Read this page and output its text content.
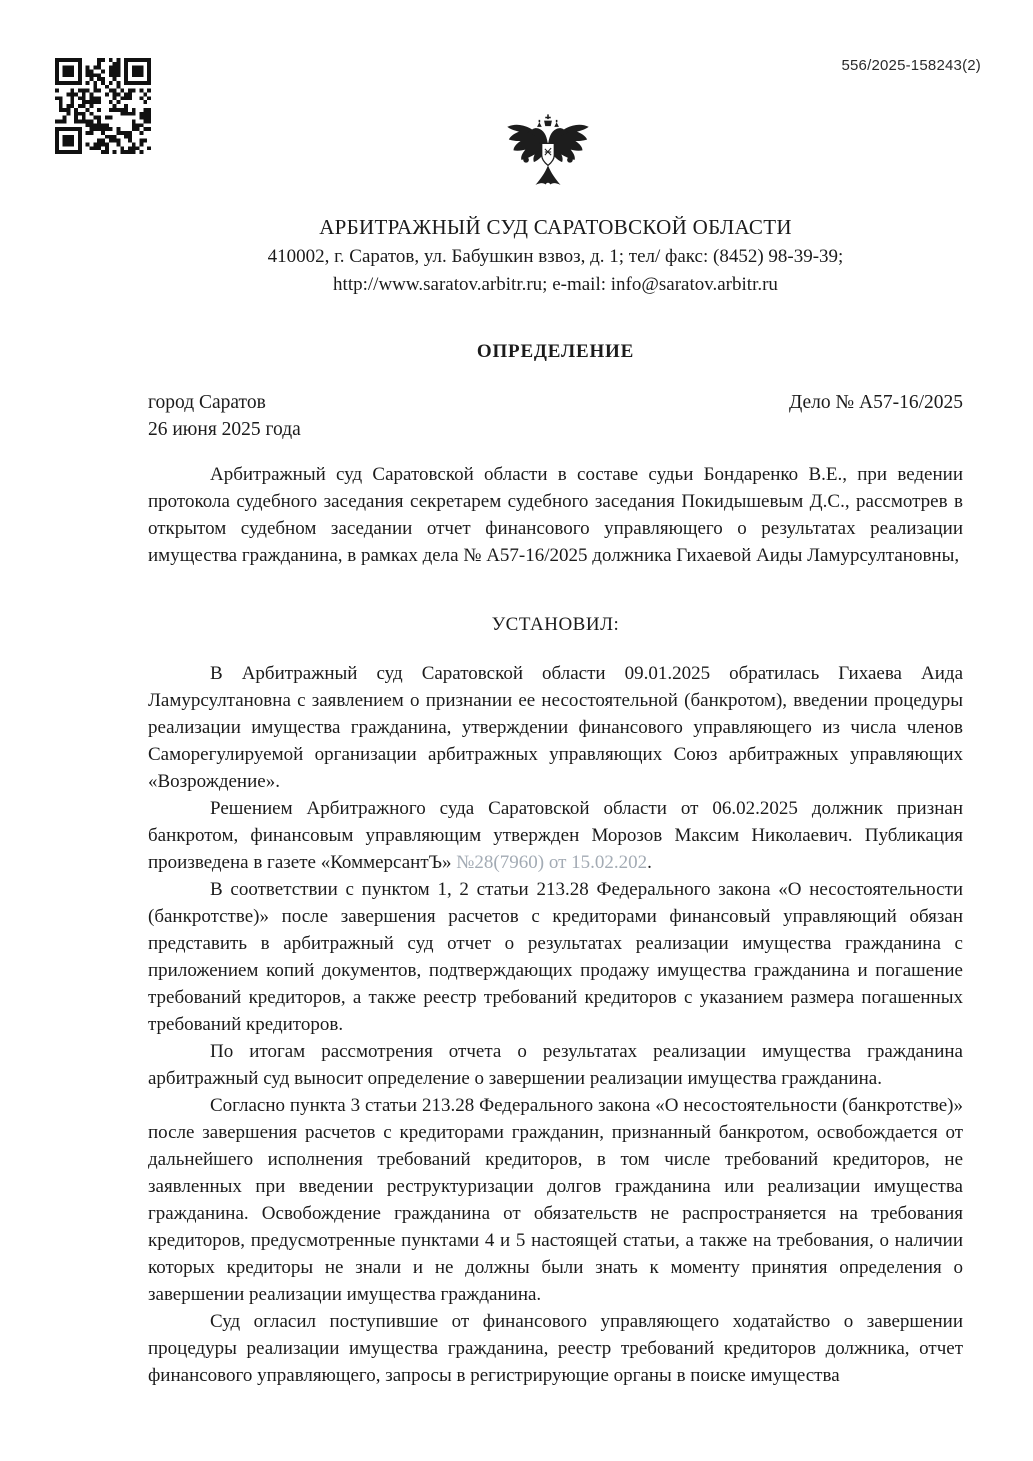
556/2025-158243(2)
АРБИТРАЖНЫЙ СУД САРАТОВСКОЙ ОБЛАСТИ
410002, г. Саратов, ул. Бабушкин взвоз, д. 1; тел/ факс: (8452) 98-39-39;
http://www.saratov.arbitr.ru; e-mail: info@saratov.arbitr.ru
ОПРЕДЕЛЕНИЕ
город Саратов	Дело № А57-16/2025
26 июня 2025 года

Арбитражный суд Саратовской области в составе судьи Бондаренко В.Е., при ведении протокола судебного заседания секретарем судебного заседания Покидышевым Д.С., рассмотрев в открытом судебном заседании отчет финансового управляющего о результатах реализации имущества гражданина, в рамках дела № А57-16/2025 должника Гихаевой Аиды Ламурсултановны,

УСТАНОВИЛ:

В Арбитражный суд Саратовской области 09.01.2025 обратилась Гихаева Аида Ламурсултановна с заявлением о признании ее несостоятельной (банкротом), введении процедуры реализации имущества гражданина, утверждении финансового управляющего из числа членов Саморегулируемой организации арбитражных управляющих Союз арбитражных управляющих «Возрождение».

Решением Арбитражного суда Саратовской области от 06.02.2025 должник признан банкротом, финансовым управляющим утвержден Морозов Максим Николаевич. Публикация произведена в газете «КоммерсантЪ» №28(7960) от 15.02.202.

В соответствии с пунктом 1, 2 статьи 213.28 Федерального закона «О несостоятельности (банкротстве)» после завершения расчетов с кредиторами финансовый управляющий обязан представить в арбитражный суд отчет о результатах реализации имущества гражданина с приложением копий документов, подтверждающих продажу имущества гражданина и погашение требований кредиторов, а также реестр требований кредиторов с указанием размера погашенных требований кредиторов.

По итогам рассмотрения отчета о результатах реализации имущества гражданина арбитражный суд выносит определение о завершении реализации имущества гражданина.

Согласно пункта 3 статьи 213.28 Федерального закона «О несостоятельности (банкротстве)» после завершения расчетов с кредиторами гражданин, признанный банкротом, освобождается от дальнейшего исполнения требований кредиторов, в том числе требований кредиторов, не заявленных при введении реструктуризации долгов гражданина или реализации имущества гражданина. Освобождение гражданина от обязательств не распространяется на требования кредиторов, предусмотренные пунктами 4 и 5 настоящей статьи, а также на требования, о наличии которых кредиторы не знали и не должны были знать к моменту принятия определения о завершении реализации имущества гражданина.

Суд огласил поступившие от финансового управляющего ходатайство о завершении процедуры реализации имущества гражданина, реестр требований кредиторов должника, отчет финансового управляющего, запросы в регистрирующие органы в поиске имущества
